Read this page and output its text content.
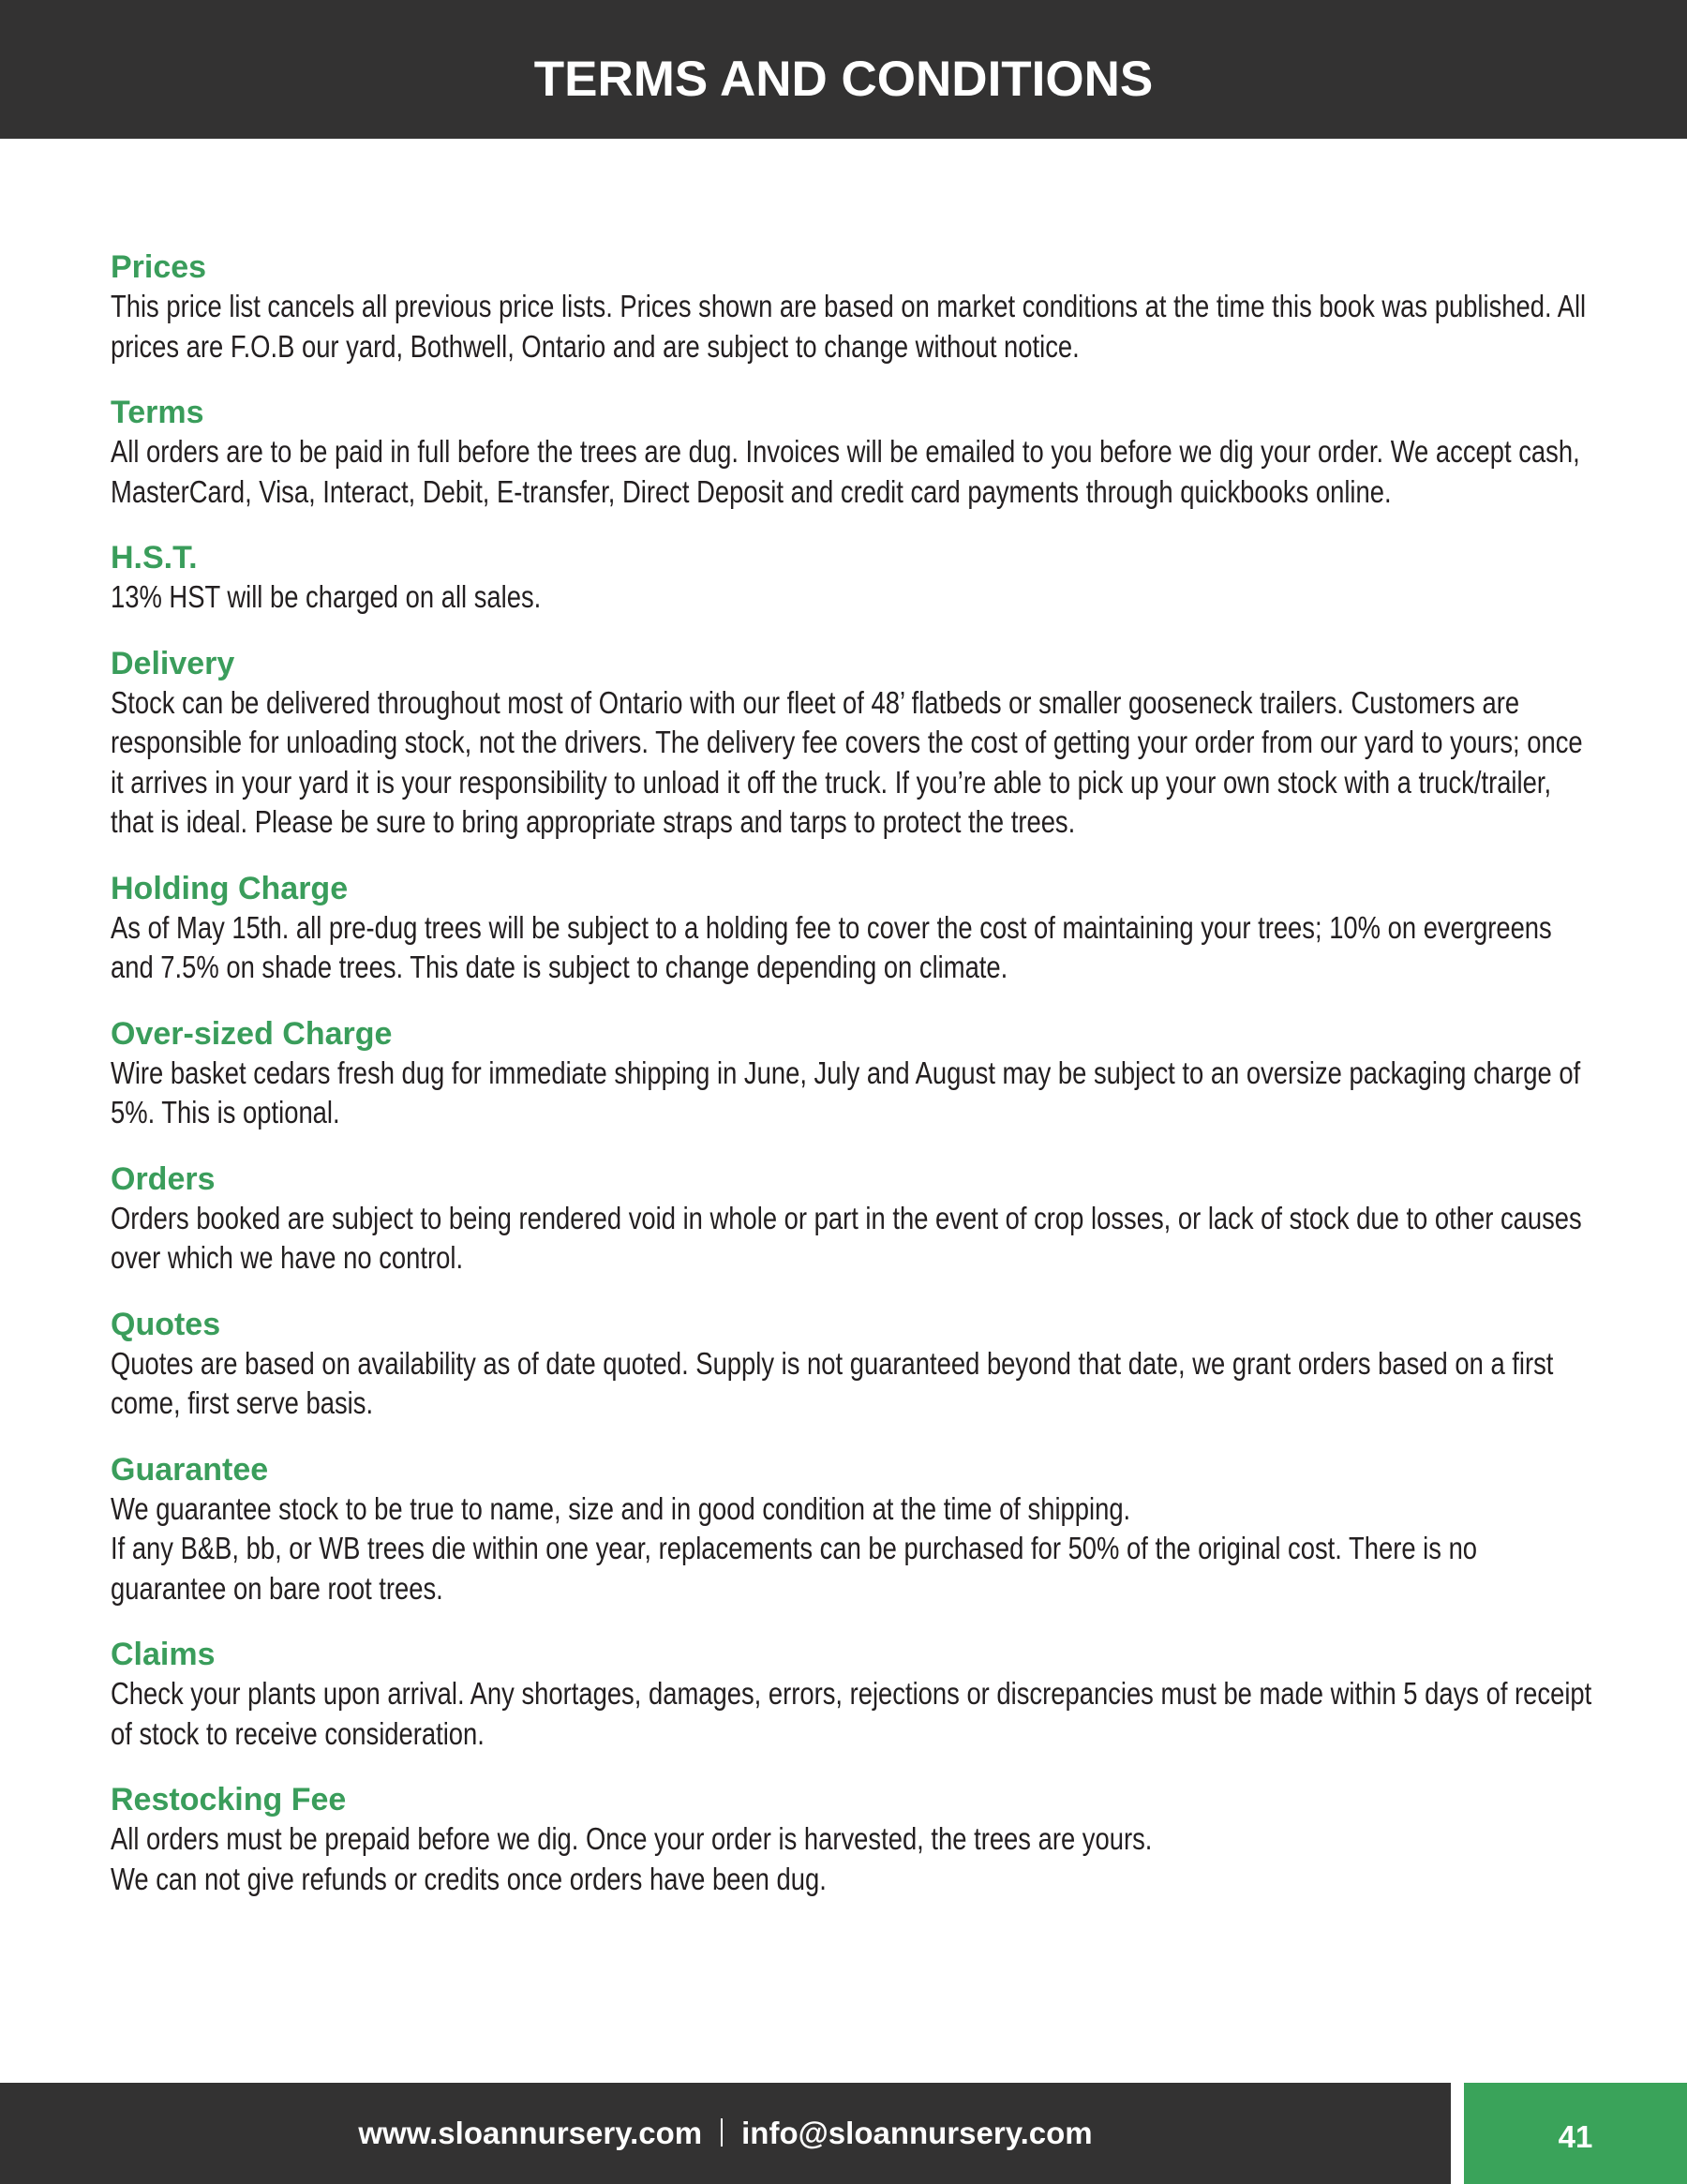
TERMS AND CONDITIONS
Prices

This price list cancels all previous price lists. Prices shown are based on market conditions at the time this book was published. All prices are F.O.B our yard, Bothwell, Ontario and are subject to change without notice.

Terms

All orders are to be paid in full before the trees are dug. Invoices will be emailed to you before we dig your order. We accept cash, MasterCard, Visa, Interact, Debit, E-transfer, Direct Deposit and credit card payments through quickbooks online.

H.S.T.

13% HST will be charged on all sales.

Delivery

Stock can be delivered throughout most of Ontario with our fleet of 48’ flatbeds or smaller gooseneck trailers. Customers are responsible for unloading stock, not the drivers. The delivery fee covers the cost of getting your order from our yard to yours; once it arrives in your yard it is your responsibility to unload it off the truck. If you’re able to pick up your own stock with a truck/trailer, that is ideal. Please be sure to bring appropriate straps and tarps to protect the trees.

Holding Charge

As of May 15th. all pre-dug trees will be subject to a holding fee to cover the cost of maintaining your trees; 10% on evergreens and 7.5% on shade trees. This date is subject to change depending on climate.

Over-sized Charge

Wire basket cedars fresh dug for immediate shipping in June, July and August may be subject to an oversize packaging charge of 5%. This is optional.

Orders

Orders booked are subject to being rendered void in whole or part in the event of crop losses, or lack of stock due to other causes over which we have no control.

Quotes

Quotes are based on availability as of date quoted. Supply is not guaranteed beyond that date, we grant orders based on a first come, first serve basis.

Guarantee

We guarantee stock to be true to name, size and in good condition at the time of shipping.

If any B&B, bb, or WB trees die within one year, replacements can be purchased for 50% of the original cost. There is no guarantee on bare root trees.

Claims

Check your plants upon arrival. Any shortages, damages, errors, rejections or discrepancies must be made within 5 days of receipt of stock to receive consideration.

Restocking Fee

All orders must be prepaid before we dig. Once your order is harvested, the trees are yours.

We can not give refunds or credits once orders have been dug.

www.sloannursery.com info@sloannursery.com	41
